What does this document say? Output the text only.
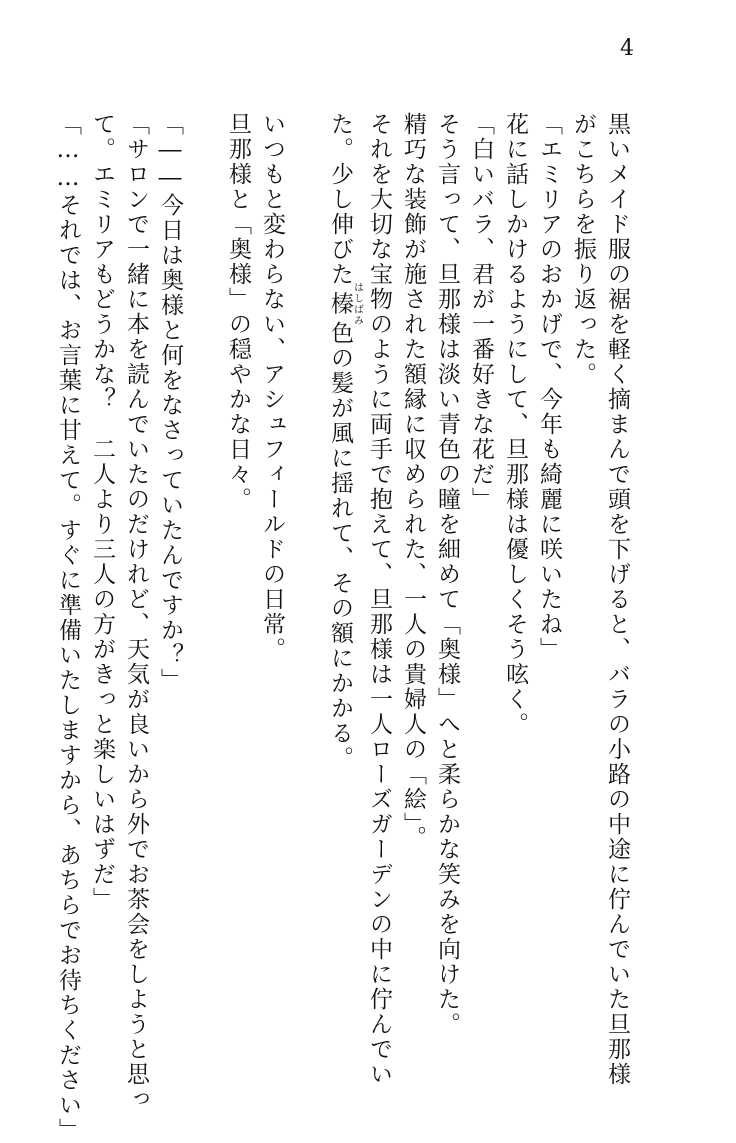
4
黒いメイド服の裾を軽く摘まんで頭を下げると、バラの小路の中途に佇んでいた旦那様
がこちらを振り返った。
「エミリアのおかげで、今年も綺麗に咲いたね」
花に話しかけるようにして、旦那様は優しくそう呟く。
「白いバラ、君が一番好きな花だ」
そう言って、旦那様は淡い青色の瞳を細めて「奥様」へと柔らかな笑みを向けた。
精巧な装飾が施された額縁に収められた、一人の貴婦人の「絵」。
それを大切な宝物のように両手で抱えて、旦那様は一人ローズガーデンの中に佇んでい
た。少し伸びた榛はしばみ色の髪が風に揺れて、その額にかかる。
いつもと変わらない、アシュフィールドの日常。
旦那様と「奥様」の穏やかな日々。
「――今日は奥様と何をなさっていたんですか？」
「サロンで一緒に本を読んでいたのだけれど、天気が良いから外でお茶会をしようと思っ
て。エミリアもどうかな？　二人より三人の方がきっと楽しいはずだ」
「……それでは、お言葉に甘えて。すぐに準備いたしますから、あちらでお待ちください」
